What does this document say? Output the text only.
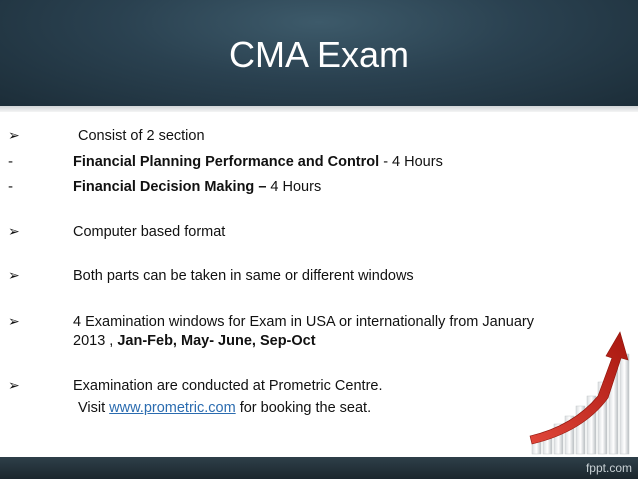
CMA Exam
➢	Consist of 2 section
-	Financial Planning Performance and Control - 4 Hours
-	Financial Decision Making – 4 Hours
➢	Computer based format
➢	Both parts can be taken in same or different windows
➢	4 Examination windows for Exam in USA or internationally from January
2013 , Jan-Feb, May- June, Sep-Oct
➢	Examination are conducted at Prometric Centre.
Visit www.prometric.com for booking the seat.
fppt.com
